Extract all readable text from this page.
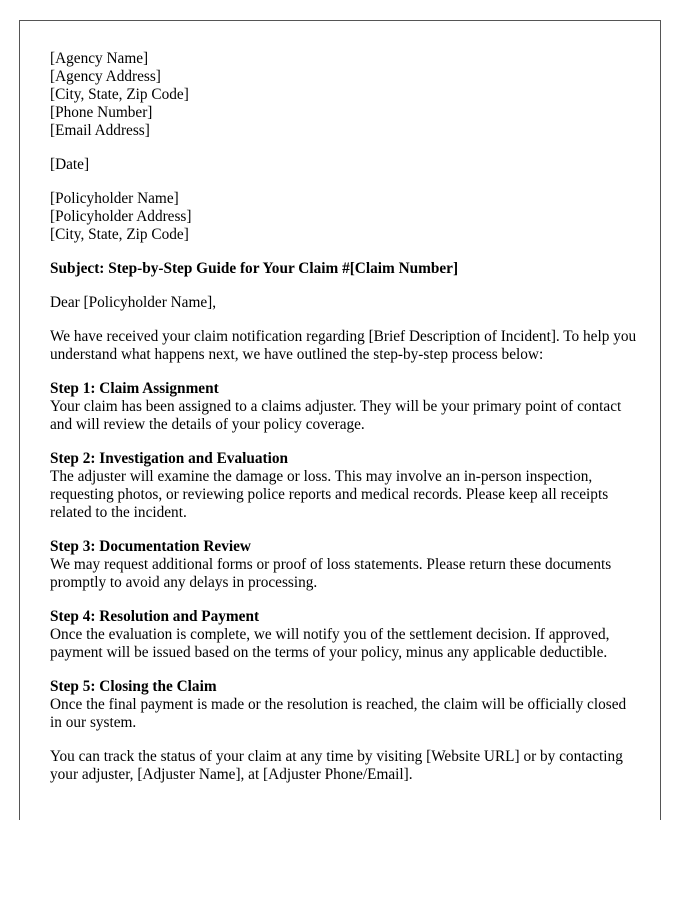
[Agency Name]
[Agency Address]
[City, State, Zip Code]
[Phone Number]
[Email Address]
[Date]
[Policyholder Name]
[Policyholder Address]
[City, State, Zip Code]
Subject: Step-by-Step Guide for Your Claim #[Claim Number]
Dear [Policyholder Name],

We have received your claim notification regarding [Brief Description of Incident]. To help you understand what happens next, we have outlined the step-by-step process below:

Step 1: Claim Assignment

Your claim has been assigned to a claims adjuster. They will be your primary point of contact and will review the details of your policy coverage.

Step 2: Investigation and Evaluation

The adjuster will examine the damage or loss. This may involve an in-person inspection, requesting photos, or reviewing police reports and medical records. Please keep all receipts related to the incident.

Step 3: Documentation Review

We may request additional forms or proof of loss statements. Please return these documents promptly to avoid any delays in processing.

Step 4: Resolution and Payment

Once the evaluation is complete, we will notify you of the settlement decision. If approved, payment will be issued based on the terms of your policy, minus any applicable deductible.

Step 5: Closing the Claim

Once the final payment is made or the resolution is reached, the claim will be officially closed in our system.

You can track the status of your claim at any time by visiting [Website URL] or by contacting your adjuster, [Adjuster Name], at [Adjuster Phone/Email].
